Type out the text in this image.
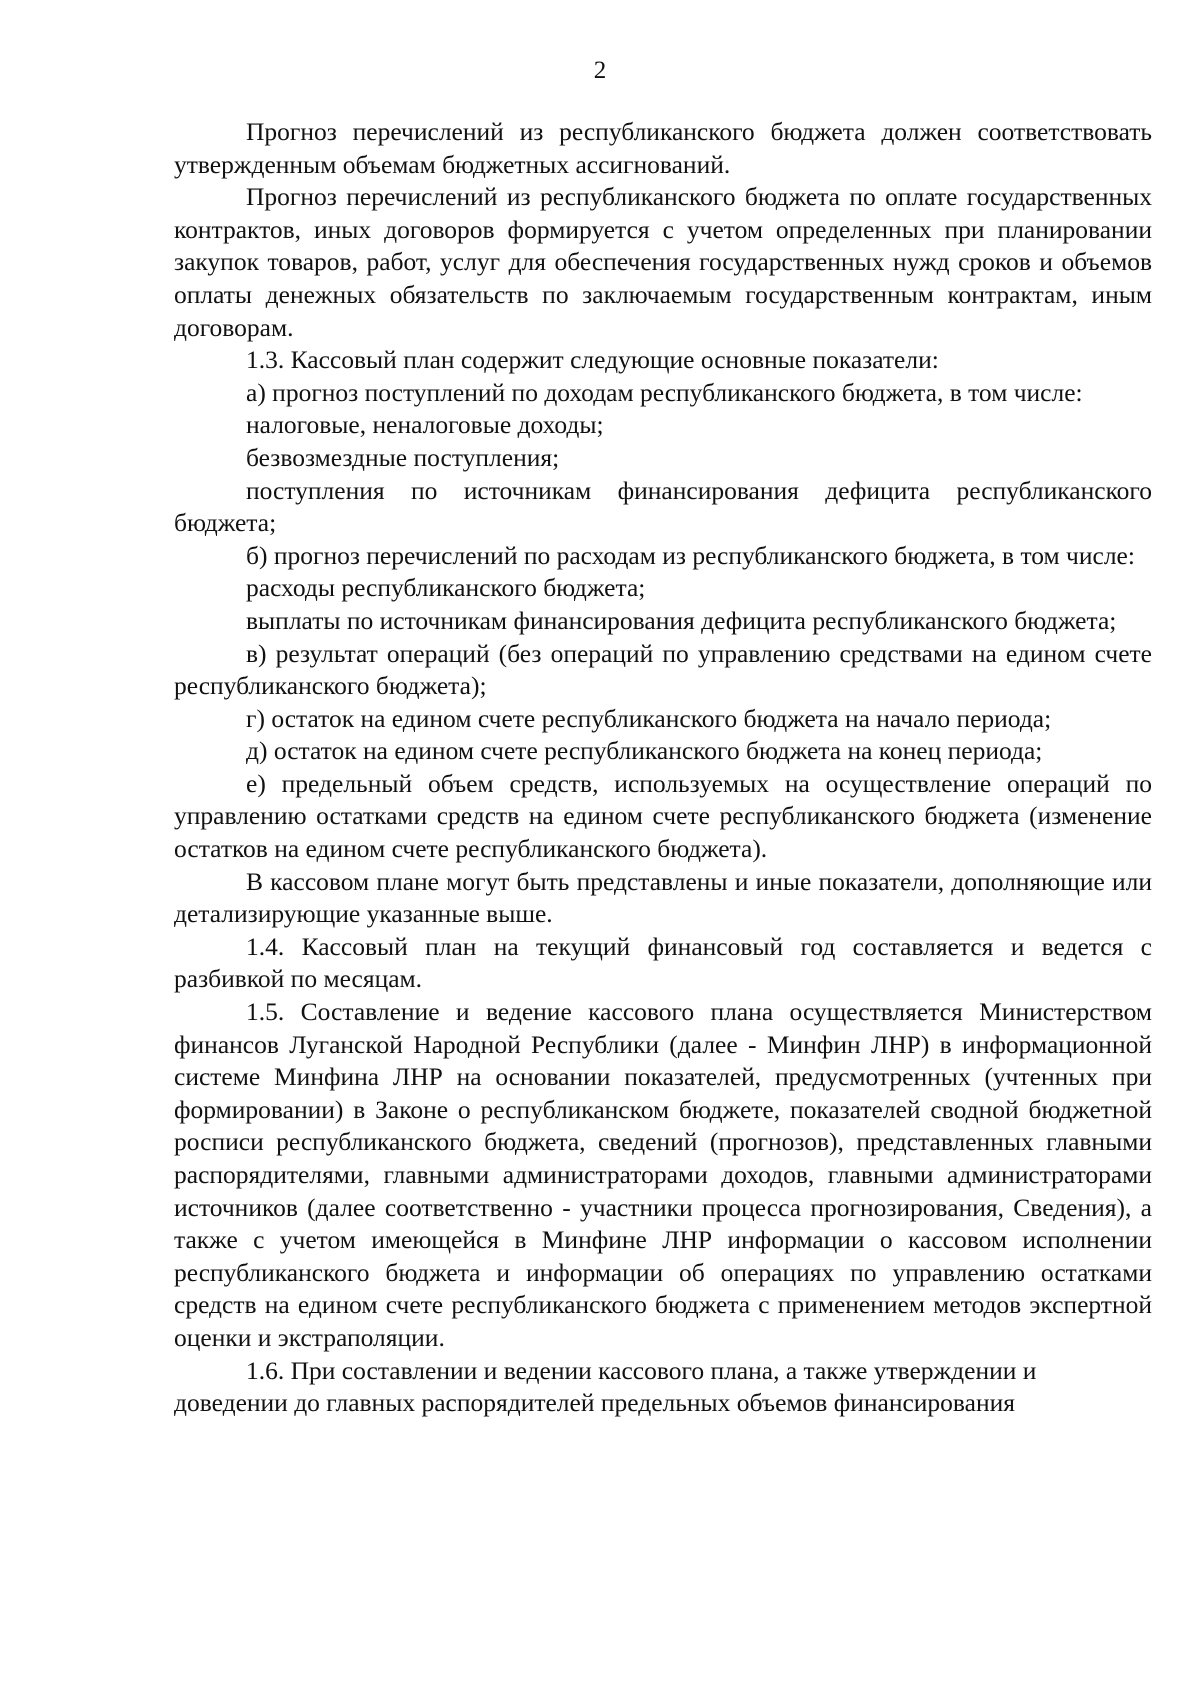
2

Прогноз перечислений из республиканского бюджета должен соответствовать утвержденным объемам бюджетных ассигнований.

Прогноз перечислений из республиканского бюджета по оплате государственных контрактов, иных договоров формируется с учетом определенных при планировании закупок товаров, работ, услуг для обеспечения государственных нужд сроков и объемов оплаты денежных обязательств по заключаемым государственным контрактам, иным договорам.

1.3. Кассовый план содержит следующие основные показатели:

а) прогноз поступлений по доходам республиканского бюджета, в том числе:

налоговые, неналоговые доходы;

безвозмездные поступления;

поступления по источникам финансирования дефицита республиканского бюджета;

б) прогноз перечислений по расходам из республиканского бюджета, в том числе:

расходы республиканского бюджета;

выплаты по источникам финансирования дефицита республиканского бюджета;

в) результат операций (без операций по управлению средствами на едином счете республиканского бюджета);

г) остаток на едином счете республиканского бюджета на начало периода;

д) остаток на едином счете республиканского бюджета на конец периода;

е) предельный объем средств, используемых на осуществление операций по управлению остатками средств на едином счете республиканского бюджета (изменение остатков на едином счете республиканского бюджета).

В кассовом плане могут быть представлены и иные показатели, дополняющие или детализирующие указанные выше.

1.4. Кассовый план на текущий финансовый год составляется и ведется с разбивкой по месяцам.

1.5. Составление и ведение кассового плана осуществляется Министерством финансов Луганской Народной Республики (далее - Минфин ЛНР) в информационной системе Минфина ЛНР на основании показателей, предусмотренных (учтенных при формировании) в Законе о республиканском бюджете, показателей сводной бюджетной росписи республиканского бюджета, сведений (прогнозов), представленных главными распорядителями, главными администраторами доходов, главными администраторами источников (далее соответственно - участники процесса прогнозирования, Сведения), а также с учетом имеющейся в Минфине ЛНР информации о кассовом исполнении республиканского бюджета и информации об операциях по управлению остатками средств на едином счете республиканского бюджета с применением методов экспертной оценки и экстраполяции.

1.6. При составлении и ведении кассового плана, а также утверждении и доведении до главных распорядителей предельных объемов финансирования
